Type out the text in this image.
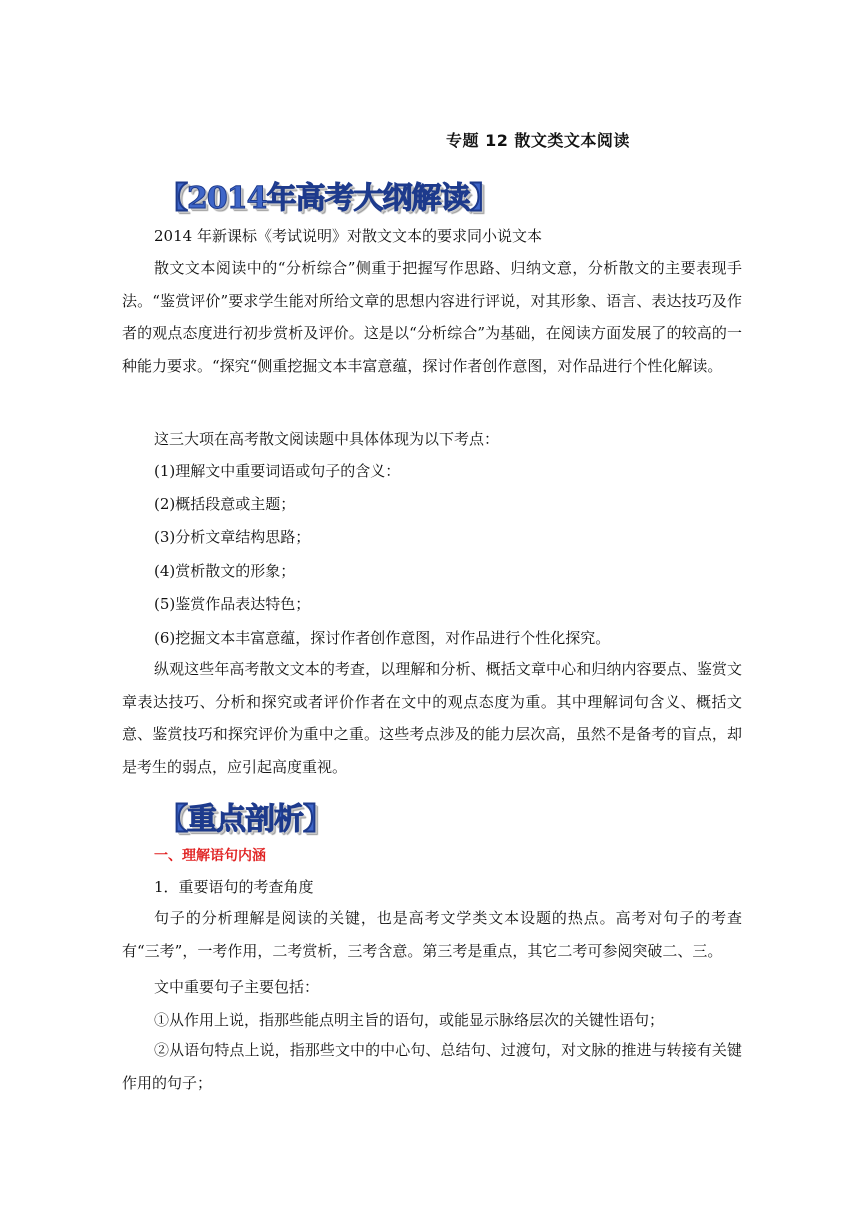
专题 12 散文类文本阅读
【2014年高考大纲解读】
2014 年新课标《考试说明》对散文文本的要求同小说文本

散文文本阅读中的“分析综合”侧重于把握写作思路、归纳文意，分析散文的主要表现手法。“鉴赏评价”要求学生能对所给文章的思想内容进行评说，对其形象、语言、表达技巧及作者的观点态度进行初步赏析及评价。这是以“分析综合”为基础，在阅读方面发展了的较高的一种能力要求。“探究“侧重挖掘文本丰富意蕴，探讨作者创作意图，对作品进行个性化解读。

这三大项在高考散文阅读题中具体体现为以下考点：
(1)理解文中重要词语或句子的含义：
(2)概括段意或主题；
(3)分析文章结构思路；
(4)赏析散文的形象；
(5)鉴赏作品表达特色；
(6)挖掘文本丰富意蕴，探讨作者创作意图，对作品进行个性化探究。

纵观这些年高考散文文本的考查，以理解和分析、概括文章中心和归纳内容要点、鉴赏文章表达技巧、分析和探究或者评价作者在文中的观点态度为重。其中理解词句含义、概括文意、鉴赏技巧和探究评价为重中之重。这些考点涉及的能力层次高，虽然不是备考的盲点，却是考生的弱点，应引起高度重视。

【重点剖析】
一、理解语句内涵
1．重要语句的考查角度

句子的分析理解是阅读的关键，也是高考文学类文本设题的热点。高考对句子的考查有“三考”，一考作用，二考赏析，三考含意。第三考是重点，其它二考可参阅突破二、三。

文中重要句子主要包括：
①从作用上说，指那些能点明主旨的语句，或能显示脉络层次的关键性语句；

②从语句特点上说，指那些文中的中心句、总结句、过渡句，对文脉的推进与转接有关键作用的句子；
